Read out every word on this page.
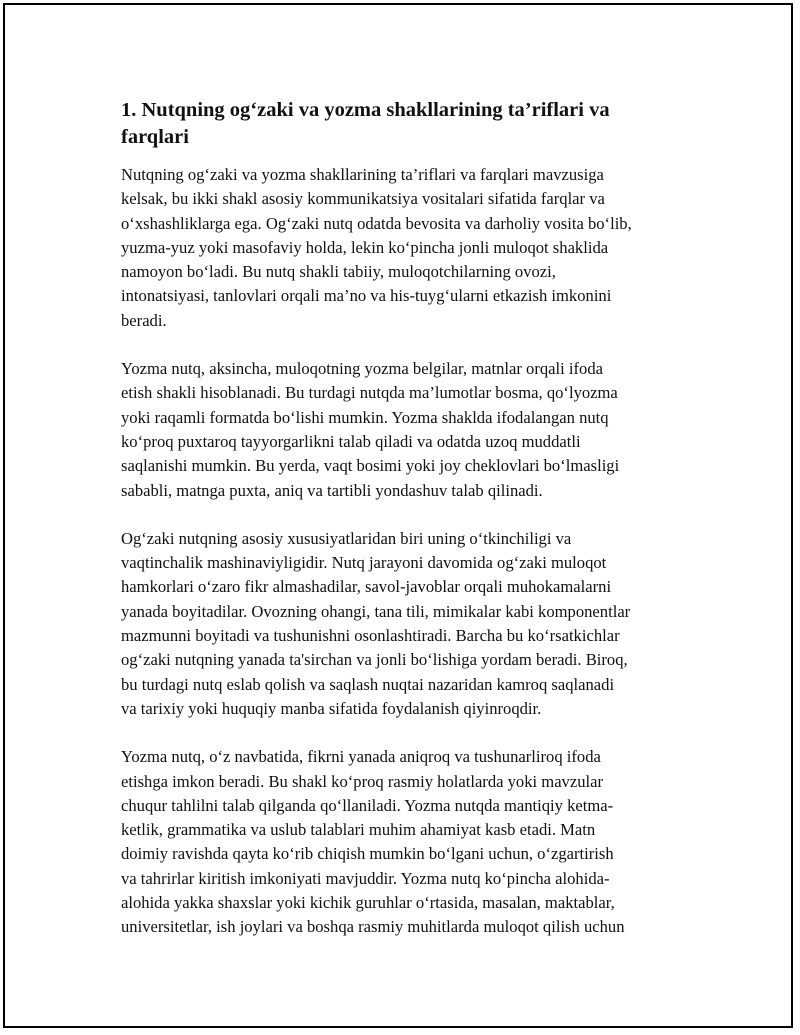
1. Nutqning og‘zaki va yozma shakllarining ta’riflari va farqlari

Nutqning og‘zaki va yozma shakllarining ta’riflari va farqlari mavzusiga
kelsak, bu ikki shakl asosiy kommunikatsiya vositalari sifatida farqlar va
o‘xshashliklarga ega. Og‘zaki nutq odatda bevosita va darholiy vosita bo‘lib,
yuzma-yuz yoki masofaviy holda, lekin ko‘pincha jonli muloqot shaklida
namoyon bo‘ladi. Bu nutq shakli tabiiy, muloqotchilarning ovozi,
intonatsiyasi, tanlovlari orqali ma’no va his-tuyg‘ularni etkazish imkonini
beradi.

Yozma nutq, aksincha, muloqotning yozma belgilar, matnlar orqali ifoda
etish shakli hisoblanadi. Bu turdagi nutqda ma’lumotlar bosma, qo‘lyozma
yoki raqamli formatda bo‘lishi mumkin. Yozma shaklda ifodalangan nutq
ko‘proq puxtaroq tayyorgarlikni talab qiladi va odatda uzoq muddatli
saqlanishi mumkin. Bu yerda, vaqt bosimi yoki joy cheklovlari bo‘lmasligi
sababli, matnga puxta, aniq va tartibli yondashuv talab qilinadi.

Og‘zaki nutqning asosiy xususiyatlaridan biri uning o‘tkinchiligi va
vaqtinchalik mashinaviyligidir. Nutq jarayoni davomida og‘zaki muloqot
hamkorlari o‘zaro fikr almashadilar, savol-javoblar orqali muhokamalarni
yanada boyitadilar. Ovozning ohangi, tana tili, mimikalar kabi komponentlar
mazmunni boyitadi va tushunishni osonlashtiradi. Barcha bu ko‘rsatkichlar
og‘zaki nutqning yanada ta'sirchan va jonli bo‘lishiga yordam beradi. Biroq,
bu turdagi nutq eslab qolish va saqlash nuqtai nazaridan kamroq saqlanadi
va tarixiy yoki huquqiy manba sifatida foydalanish qiyinroqdir.

Yozma nutq, o‘z navbatida, fikrni yanada aniqroq va tushunarliroq ifoda
etishga imkon beradi. Bu shakl ko‘proq rasmiy holatlarda yoki mavzular
chuqur tahlilni talab qilganda qo‘llaniladi. Yozma nutqda mantiqiy ketma-
ketlik, grammatika va uslub talablari muhim ahamiyat kasb etadi. Matn
doimiy ravishda qayta ko‘rib chiqish mumkin bo‘lgani uchun, o‘zgartirish
va tahrirlar kiritish imkoniyati mavjuddir. Yozma nutq ko‘pincha alohida-
alohida yakka shaxslar yoki kichik guruhlar o‘rtasida, masalan, maktablar,
universitetlar, ish joylari va boshqa rasmiy muhitlarda muloqot qilish uchun
